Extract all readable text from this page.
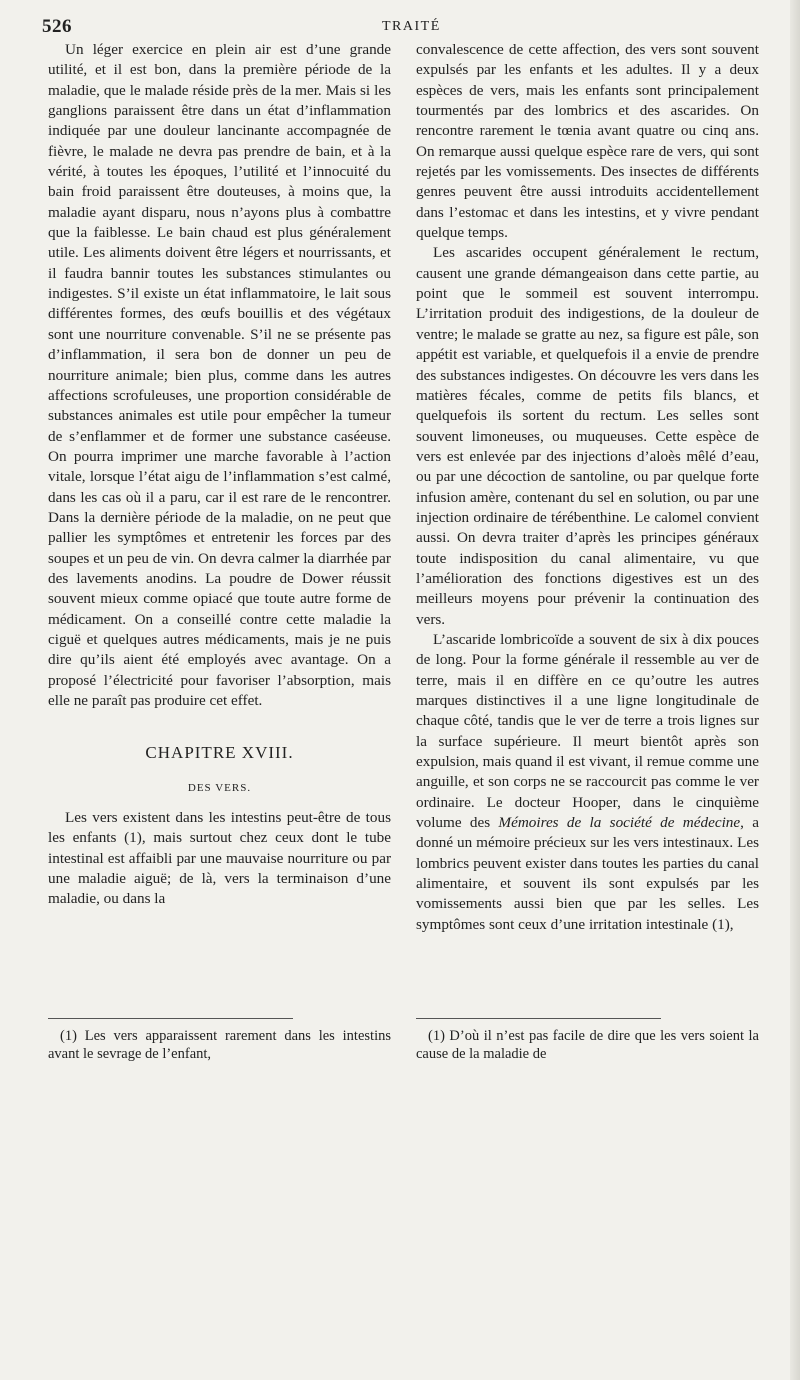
526	TRAITÉ

Un léger exercice en plein air est d’une grande utilité, et il est bon, dans la première période de la maladie, que le malade réside près de la mer. Mais si les ganglions paraissent être dans un état d’inflammation indiquée par une douleur lancinante accompagnée de fièvre, le malade ne devra pas prendre de bain, et à la vérité, à toutes les époques, l’utilité et l’innocuité du bain froid paraissent être douteuses, à moins que, la maladie ayant disparu, nous n’ayons plus à combattre que la faiblesse. Le bain chaud est plus généralement utile. Les aliments doivent être légers et nourrissants, et il faudra bannir toutes les substances stimulantes ou indigestes. S’il existe un état inflammatoire, le lait sous différentes formes, des œufs bouillis et des végétaux sont une nourriture convenable. S’il ne se présente pas d’inflammation, il sera bon de donner un peu de nourriture animale; bien plus, comme dans les autres affections scrofuleuses, une proportion considérable de substances animales est utile pour empêcher la tumeur de s’enflammer et de former une substance caséeuse. On pourra imprimer une marche favorable à l’action vitale, lorsque l’état aigu de l’inflammation s’est calmé, dans les cas où il a paru, car il est rare de le rencontrer. Dans la dernière période de la maladie, on ne peut que pallier les symptômes et entretenir les forces par des soupes et un peu de vin. On devra calmer la diarrhée par des lavements anodins. La poudre de Dower réussit souvent mieux comme opiacé que toute autre forme de médicament. On a conseillé contre cette maladie la ciguë et quelques autres médicaments, mais je ne puis dire qu’ils aient été employés avec avantage. On a proposé l’électricité pour favoriser l’absorption, mais elle ne paraît pas produire cet effet.

CHAPITRE XVIII.
DES VERS.

Les vers existent dans les intestins peut-être de tous les enfants (1), mais surtout chez ceux dont le tube intestinal est affaibli par une mauvaise nourriture ou par une maladie aiguë; de là, vers la terminaison d’une maladie, ou dans la

convalescence de cette affection, des vers sont souvent expulsés par les enfants et les adultes. Il y a deux espèces de vers, mais les enfants sont principalement tourmentés par des lombrics et des ascarides. On rencontre rarement le tœnia avant quatre ou cinq ans. On remarque aussi quelque espèce rare de vers, qui sont rejetés par les vomissements. Des insectes de différents genres peuvent être aussi introduits accidentellement dans l’estomac et dans les intestins, et y vivre pendant quelque temps.

Les ascarides occupent généralement le rectum, causent une grande démangeaison dans cette partie, au point que le sommeil est souvent interrompu. L’irritation produit des indigestions, de la douleur de ventre; le malade se gratte au nez, sa figure est pâle, son appétit est variable, et quelquefois il a envie de prendre des substances indigestes. On découvre les vers dans les matières fécales, comme de petits fils blancs, et quelquefois ils sortent du rectum. Les selles sont souvent limoneuses, ou muqueuses. Cette espèce de vers est enlevée par des injections d’aloès mêlé d’eau, ou par une décoction de santoline, ou par quelque forte infusion amère, contenant du sel en solution, ou par une injection ordinaire de térébenthine. Le calomel convient aussi. On devra traiter d’après les principes généraux toute indisposition du canal alimentaire, vu que l’amélioration des fonctions digestives est un des meilleurs moyens pour prévenir la continuation des vers.

L’ascaride lombricoïde a souvent de six à dix pouces de long. Pour la forme générale il ressemble au ver de terre, mais il en diffère en ce qu’outre les autres marques distinctives il a une ligne longitudinale de chaque côté, tandis que le ver de terre a trois lignes sur la surface supérieure. Il meurt bientôt après son expulsion, mais quand il est vivant, il remue comme une anguille, et son corps ne se raccourcit pas comme le ver ordinaire. Le docteur Hooper, dans le cinquième volume des Mémoires de la société de médecine, a donné un mémoire précieux sur les vers intestinaux. Les lombrics peuvent exister dans toutes les parties du canal alimentaire, et souvent ils sont expulsés par les vomissements aussi bien que par les selles. Les symptômes sont ceux d’une irritation intestinale (1),

(1) Les vers apparaissent rarement dans les intestins avant le sevrage de l’enfant,
(1) D’où il n’est pas facile de dire que les vers soient la cause de la maladie de
